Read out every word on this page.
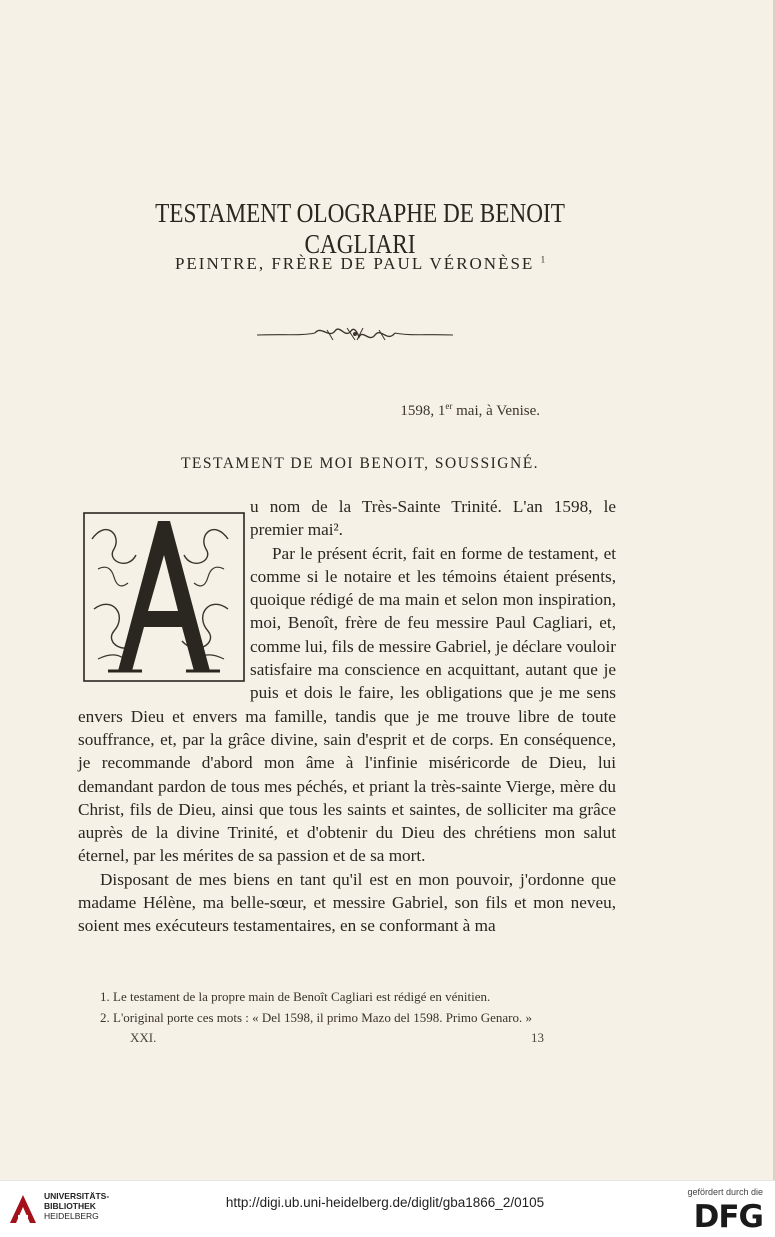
TESTAMENT OLOGRAPHE DE BENOIT CAGLIARI
PEINTRE, FRÈRE DE PAUL VÉRONÈSE $^1$
1598, 1er mai, à Venise.
TESTAMENT DE MOI BENOIT, SOUSSIGNÉ.
A

u nom de la Très-Sainte Trinité. L'an 1598, le premier mai².

Par le présent écrit, fait en forme de testament, et comme si le notaire et les témoins étaient présents, quoique rédigé de ma main et selon mon inspiration, moi, Benoît, frère de feu messire Paul Cagliari, et, comme lui, fils de messire Gabriel, je déclare vouloir satisfaire ma conscience en acquittant, autant que je puis et dois le faire, les obligations que je me sens envers Dieu et envers ma famille, tandis que je me trouve libre de toute souffrance, et, par la grâce divine, sain d'esprit et de corps. En conséquence, je recommande d'abord mon âme à l'infinie miséricorde de Dieu, lui demandant pardon de tous mes péchés, et priant la très-sainte Vierge, mère du Christ, fils de Dieu, ainsi que tous les saints et saintes, de solliciter ma grâce auprès de la divine Trinité, et d'obtenir du Dieu des chrétiens mon salut éternel, par les mérites de sa passion et de sa mort.

Disposant de mes biens en tant qu'il est en mon pouvoir, j'ordonne que madame Hélène, ma belle-sœur, et messire Gabriel, son fils et mon neveu, soient mes exécuteurs testamentaires, en se conformant à ma

1. Le testament de la propre main de Benoît Cagliari est rédigé en vénitien.
2. L'original porte ces mots : « Del 1598, il primo Mazo del 1598. Primo Genaro. »
XXI.	13
UNIVERSITÄTS-
BIBLIOTHEK
HEIDELBERG
http://digi.ub.uni-heidelberg.de/diglit/gba1866_2/0105
gefördert durch die
DFG
